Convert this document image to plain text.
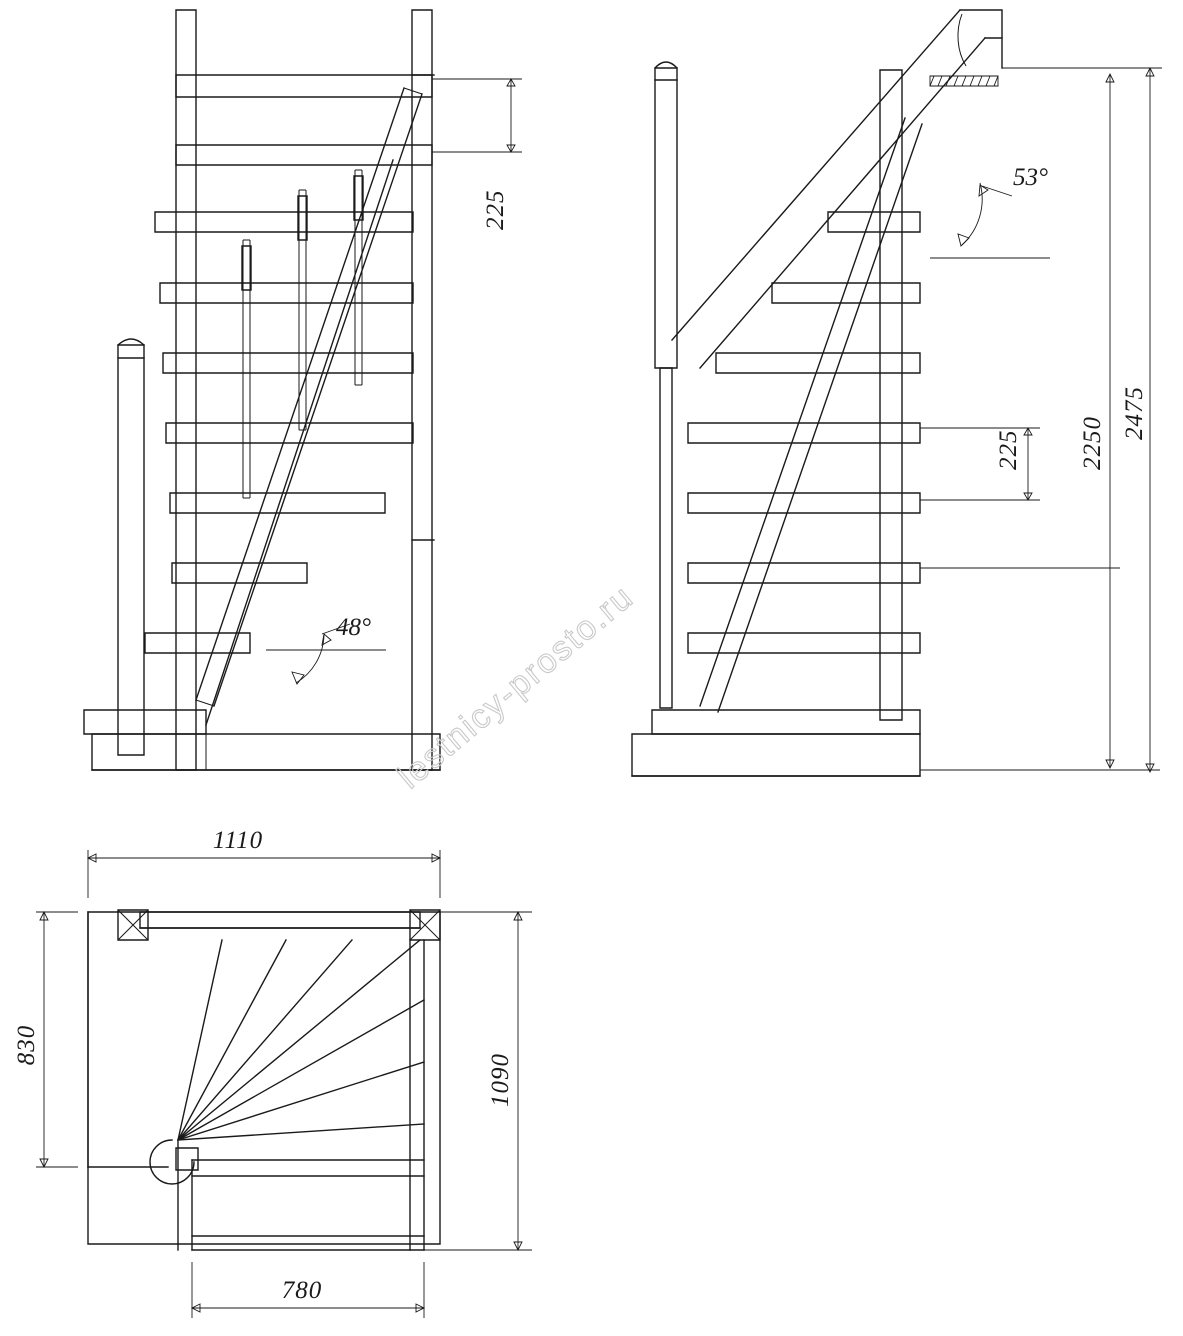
225
48°
53°
225 2250
2475
1110
830
1090
780
lestnicy-prosto.ru
